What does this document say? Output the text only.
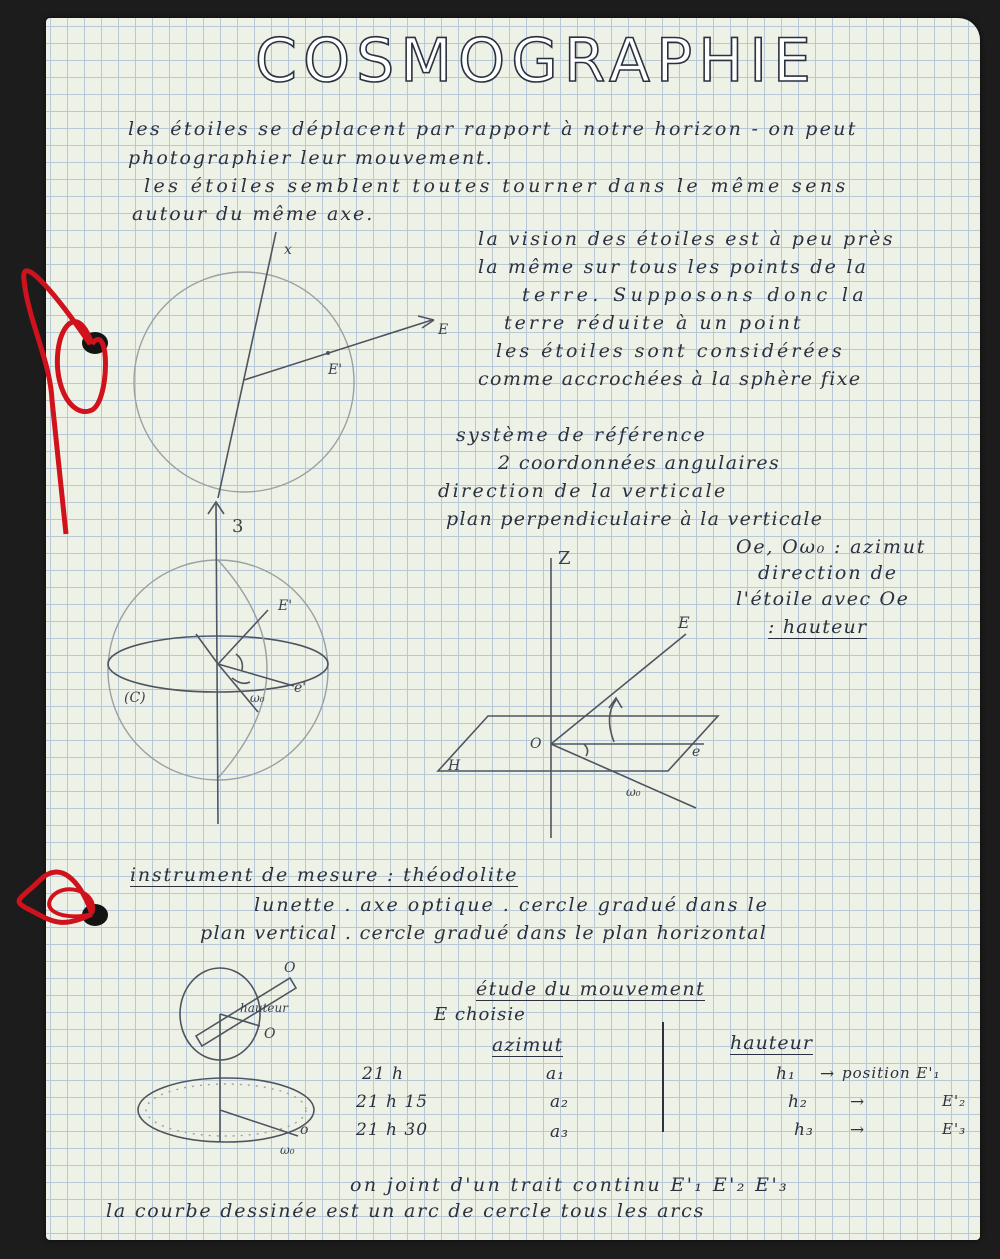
COSMOGRAPHIE
les étoiles se déplacent par rapport à notre horizon - on peut
photographier leur mouvement.
les étoiles semblent toutes tourner dans le même sens
autour du même axe.
la vision des étoiles est à peu près
la même sur tous les points de la
terre. Supposons donc la
terre réduite à un point
les étoiles sont considérées
comme accrochées à la sphère fixe
système de référence
2 coordonnées angulaires
direction de la verticale
plan perpendiculaire à la verticale
Oe, Oω₀ : azimut
direction de
l'étoile avec Oe
: hauteur
instrument de mesure : théodolite
lunette . axe optique . cercle gradué dans le
plan vertical . cercle gradué dans le plan horizontal
étude du mouvement
E choisie
azimut	hauteur
21 h	a₁	h₁ → position E'₁
21 h 15	a₂	h₂ →	E'₂
21 h 30	a₃	h₃ →	E'₃
on joint d'un trait continu E'₁ E'₂ E'₃
la courbe dessinée est un arc de cercle tous les arcs
x
E
E'
3
E'
e'
(C)	ω₀
Z
E
O
H
e
ω₀
hauteur
O
O
o
ω₀
